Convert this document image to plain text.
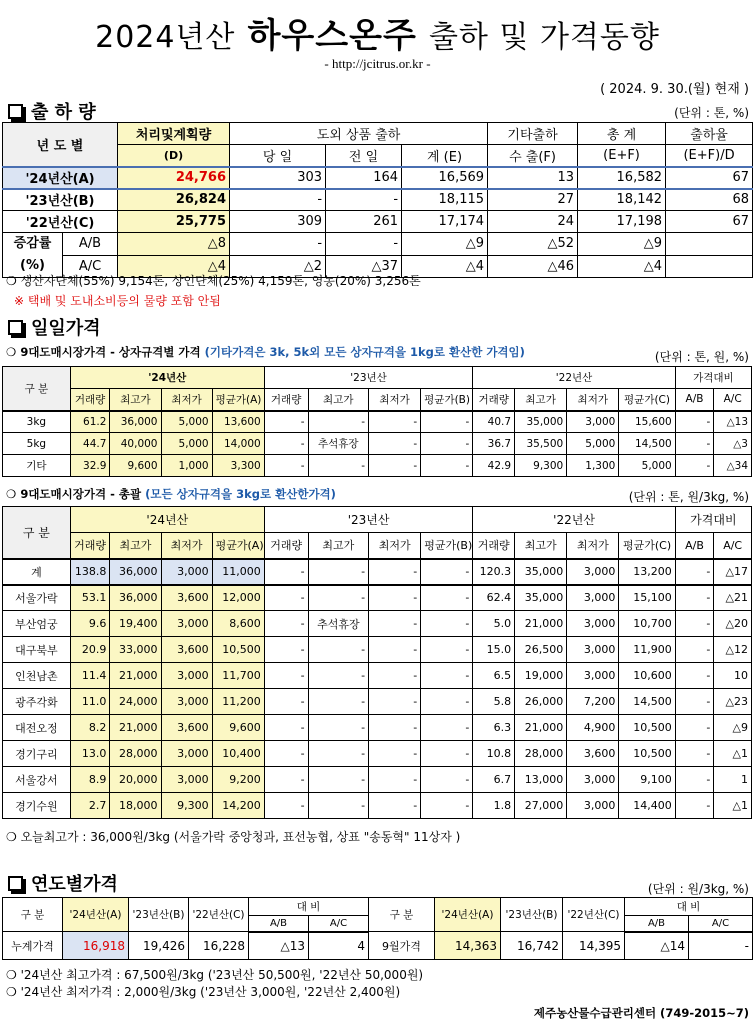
2024년산 하우스온주 출하 및 가격동향
- http://jcitrus.or.kr -
( 2024. 9. 30.(월) 현재 )
출 하 량	(단위 : 톤, %)
년 도 별		처리및계획량	도외 상품 출하			기타출하	총 계	출하율
		(D)	당 일	전 일	계 (E)	수 출(F)	(E+F)	(E+F)/D
'24년산(A)		24,766	303	164	16,569	13	16,582	67
'23년산(B)		26,824	-	-	18,115	27	18,142	68
'22년산(C)		25,775	309	261	17,174	24	17,198	67

증감률
(%)	A/B	△8	-	-	△9	△52	△9	
	A/C	△4	△2	△37	△4	△46	△4	
❍ 생산자단체(55%) 9,154톤, 상인단체(25%) 4,159톤, 영농(20%) 3,256톤
※ 택배 및 도내소비등의 물량 포함 안됨
일일가격
❍ 9대도매시장가격 - 상자규격별 가격 (기타가격은 3k, 5k외 모든 상자규격을 1kg로 환산한 가격임)	(단위 : 톤, 원, %)
구 분	'24년산				'23년산				'22년산				가격대비	
	거래량	최고가	최저가	평균가(A)	거래량	최고가	최저가	평균가(B)	거래량	최고가	최저가	평균가(C)	A/B	A/C
3kg	61.2	36,000	5,000	13,600	-	-	-	-	40.7	35,000	3,000	15,600	-	△13
5kg	44.7	40,000	5,000	14,000	-	추석휴장	-	-	36.7	35,500	5,000	14,500	-	△3
기타	32.9	9,600	1,000	3,300	-	-	-	-	42.9	9,300	1,300	5,000	-	△34
❍ 9대도매시장가격 - 총괄 (모든 상자규격을 3kg로 환산한가격)	(단위 : 톤, 원/3kg, %)
구 분	'24년산				'23년산				'22년산				가격대비	
	거래량	최고가	최저가	평균가(A)	거래량	최고가	최저가	평균가(B)	거래량	최고가	최저가	평균가(C)	A/B	A/C
계	138.8	36,000	3,000	11,000	-	-	-	-	120.3	35,000	3,000	13,200	-	△17
서울가락	53.1	36,000	3,600	12,000	-	-	-	-	62.4	35,000	3,000	15,100	-	△21
부산엄궁	9.6	19,400	3,000	8,600	-	추석휴장	-	-	5.0	21,000	3,000	10,700	-	△20
대구북부	20.9	33,000	3,600	10,500	-	-	-	-	15.0	26,500	3,000	11,900	-	△12
인천남촌	11.4	21,000	3,000	11,700	-	-	-	-	6.5	19,000	3,000	10,600	-	10
광주각화	11.0	24,000	3,000	11,200	-	-	-	-	5.8	26,000	7,200	14,500	-	△23
대전오정	8.2	21,000	3,600	9,600	-	-	-	-	6.3	21,000	4,900	10,500	-	△9
경기구리	13.0	28,000	3,000	10,400	-	-	-	-	10.8	28,000	3,600	10,500	-	△1
서울강서	8.9	20,000	3,000	9,200	-	-	-	-	6.7	13,000	3,000	9,100	-	1
경기수원	2.7	18,000	9,300	14,200	-	-	-	-	1.8	27,000	3,000	14,400	-	△1
❍ 오늘최고가 : 36,000원/3kg (서울가락 중앙청과, 표선농협, 상표 "송동혁" 11상자 )
연도별가격	(단위 : 원/3kg, %)
구 분	'24년산(A)	'23년산(B)	'22년산(C)	대 비		구 분	'24년산(A)	'23년산(B)	'22년산(C)	대 비	
				A/B	A/C					A/B	A/C
누계가격	16,918	19,426	16,228	△13	4	9월가격	14,363	16,742	14,395	△14	-
❍ '24년산 최고가격 : 67,500원/3kg ('23년산 50,500원, '22년산 50,000원)
❍ '24년산 최저가격 : 2,000원/3kg ('23년산 3,000원, '22년산 2,400원)
제주농산물수급관리센터 (749-2015~7)
